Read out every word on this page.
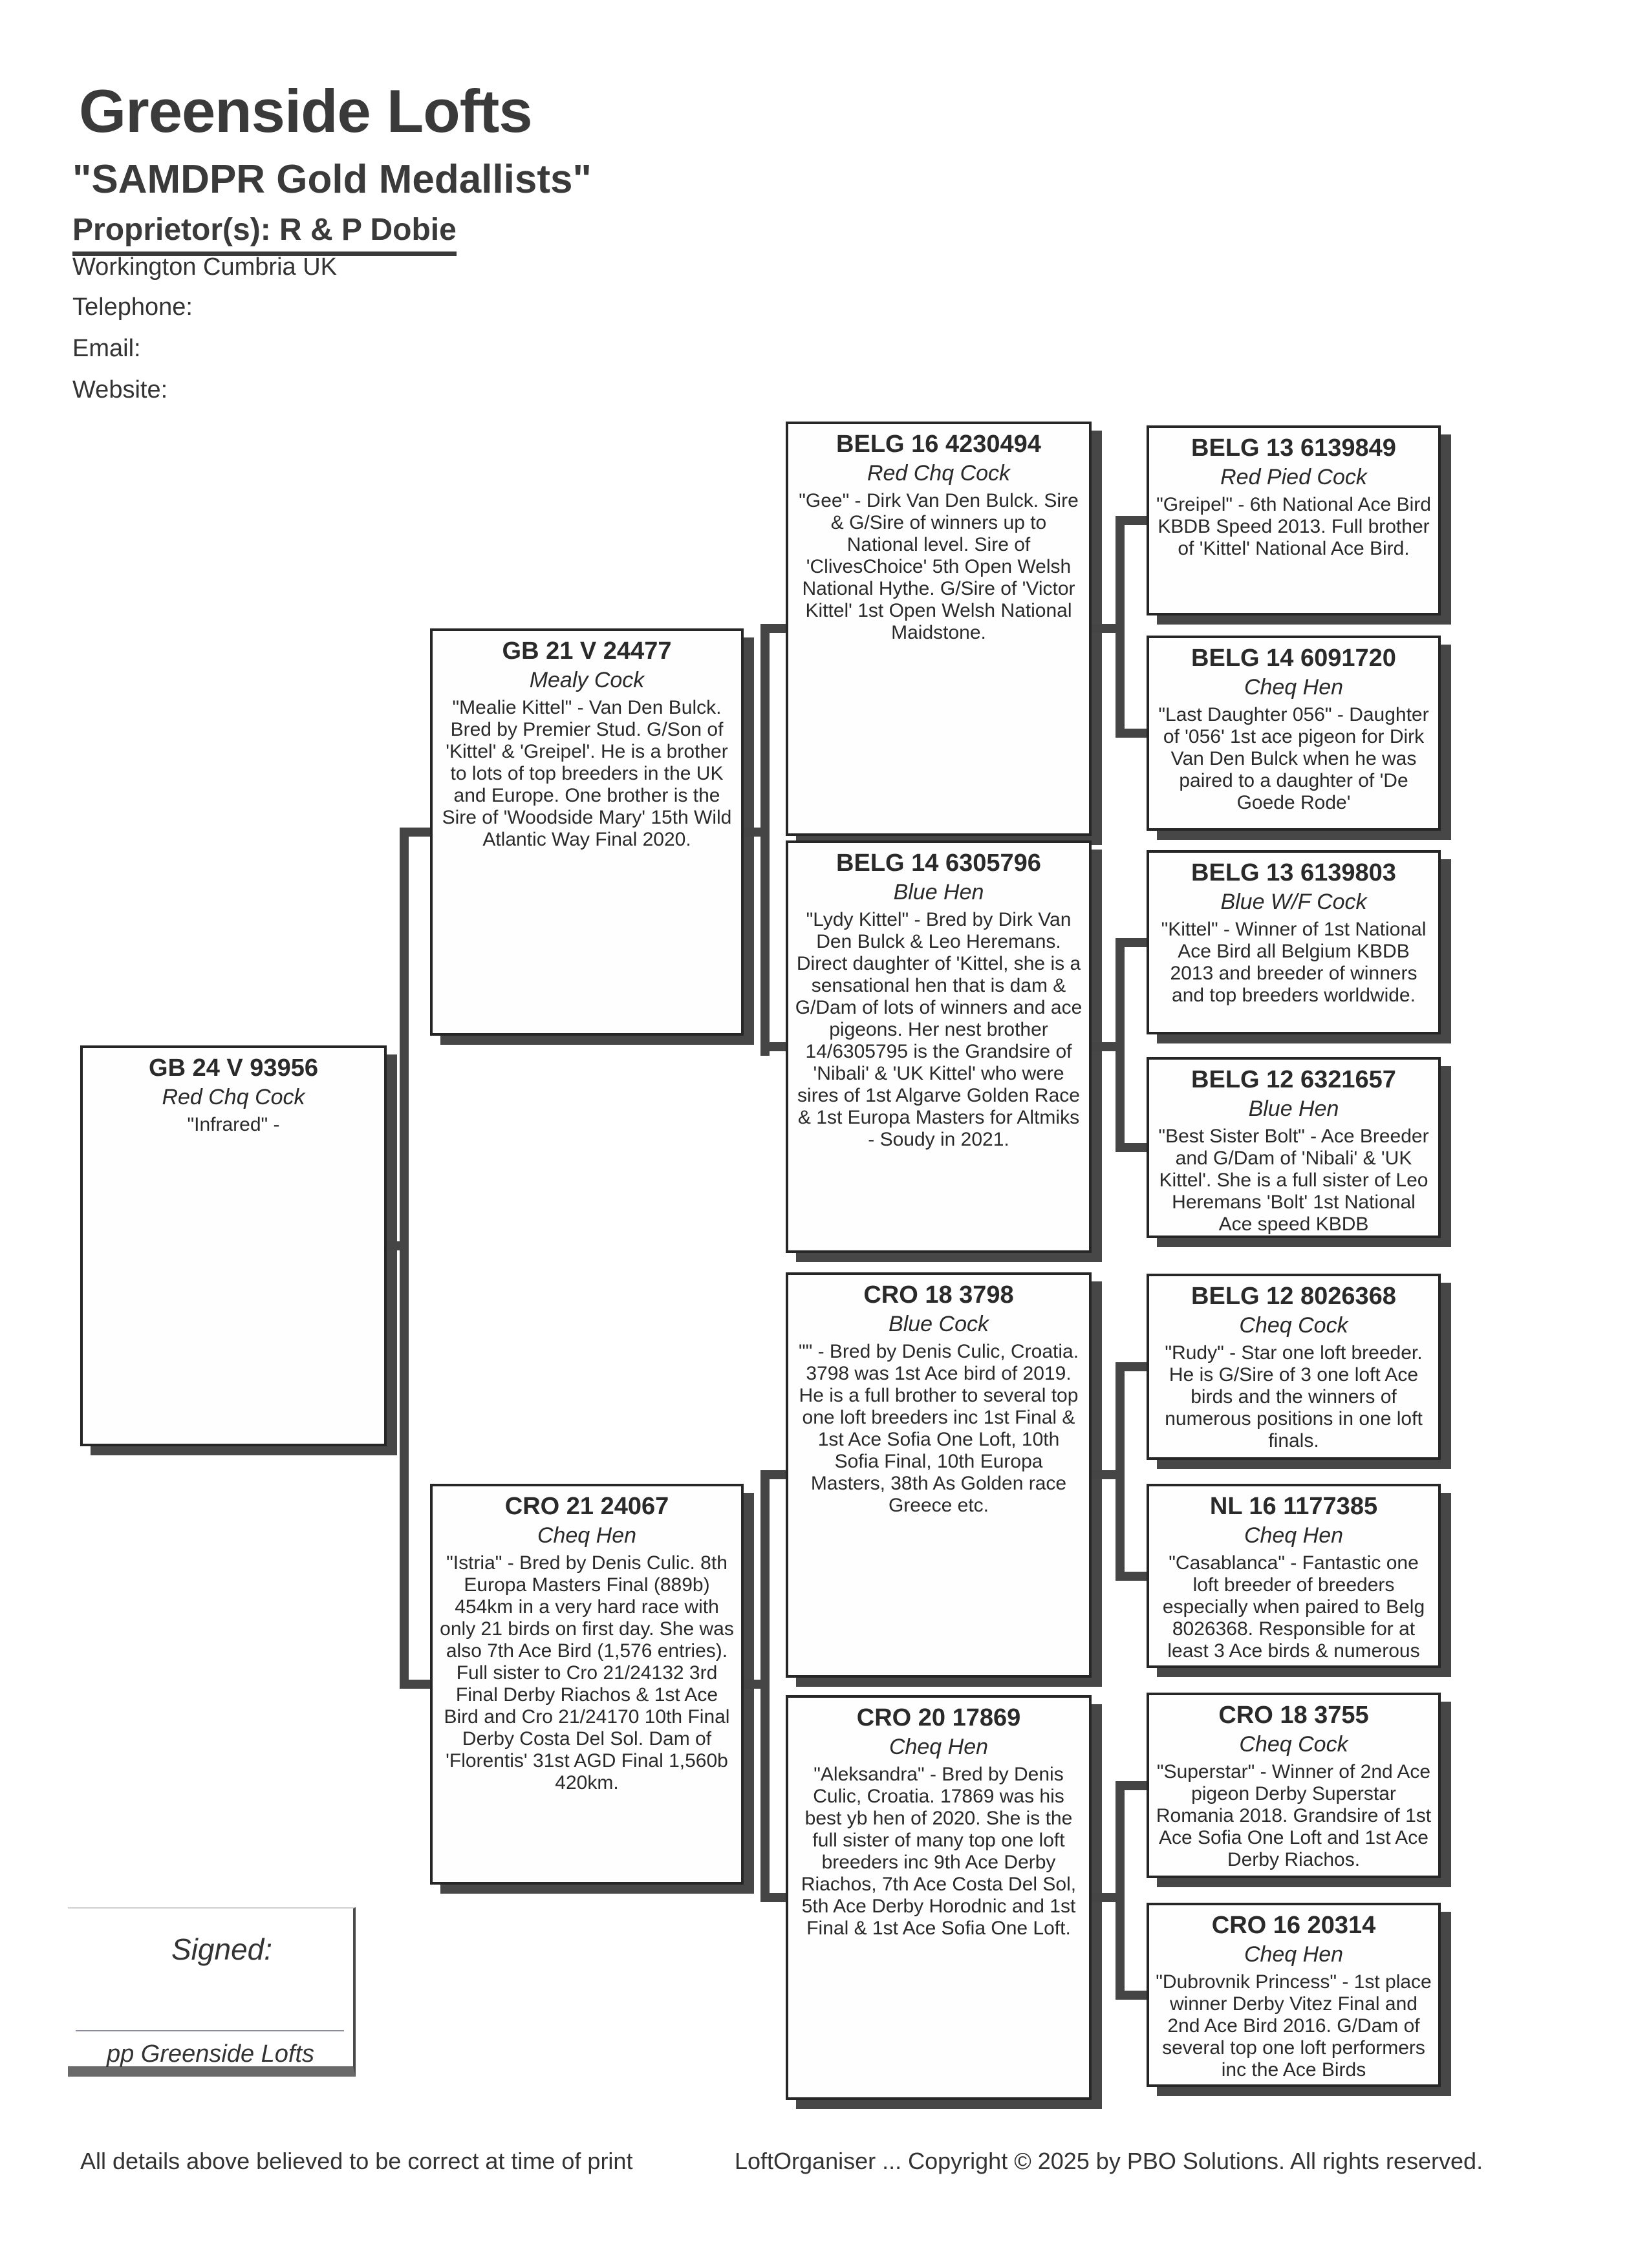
Greenside Lofts
"SAMDPR Gold Medallists"
Proprietor(s): R & P Dobie
Workington Cumbria UK
Telephone:
Email:
Website:
GB 24 V 93956
Red Chq Cock
"Infrared" -
GB 21 V 24477
Mealy Cock
"Mealie Kittel" - Van Den Bulck. Bred by Premier Stud. G/Son of 'Kittel' & 'Greipel'. He is a brother to lots of top breeders in the UK and Europe. One brother is the Sire of 'Woodside Mary' 15th Wild Atlantic Way Final 2020.
CRO 21 24067
Cheq Hen
"Istria" - Bred by Denis Culic. 8th Europa Masters Final (889b) 454km in a very hard race with only 21 birds on first day. She was also 7th Ace Bird (1,576 entries). Full sister to Cro 21/24132 3rd Final Derby Riachos & 1st Ace Bird and Cro 21/24170 10th Final Derby Costa Del Sol. Dam of 'Florentis' 31st AGD Final 1,560b 420km.
BELG 16 4230494
Red Chq Cock
"Gee" - Dirk Van Den Bulck. Sire & G/Sire of winners up to National level. Sire of 'ClivesChoice' 5th Open Welsh National Hythe. G/Sire of 'Victor Kittel' 1st Open Welsh National Maidstone.
BELG 14 6305796
Blue Hen
"Lydy Kittel" - Bred by Dirk Van Den Bulck & Leo Heremans. Direct daughter of 'Kittel, she is a sensational hen that is dam & G/Dam of lots of winners and ace pigeons. Her nest brother 14/6305795 is the Grandsire of 'Nibali' & 'UK Kittel' who were sires of 1st Algarve Golden Race & 1st Europa Masters for Altmiks - Soudy in 2021.
CRO 18 3798
Blue Cock
"" - Bred by Denis Culic, Croatia. 3798 was 1st Ace bird of 2019. He is a full brother to several top one loft breeders inc 1st Final & 1st Ace Sofia One Loft, 10th Sofia Final, 10th Europa Masters, 38th As Golden race Greece etc.
CRO 20 17869
Cheq Hen
"Aleksandra" - Bred by Denis Culic, Croatia. 17869 was his best yb hen of 2020. She is the full sister of many top one loft breeders inc 9th Ace Derby Riachos, 7th Ace Costa Del Sol, 5th Ace Derby Horodnic and 1st Final & 1st Ace Sofia One Loft.
BELG 13 6139849
Red Pied Cock
"Greipel" - 6th National Ace Bird KBDB Speed 2013. Full brother of 'Kittel' National Ace Bird.
BELG 14 6091720
Cheq Hen
"Last Daughter 056" - Daughter of '056' 1st ace pigeon for Dirk Van Den Bulck when he was paired to a daughter of 'De Goede Rode'
BELG 13 6139803
Blue W/F Cock
"Kittel" - Winner of 1st National Ace Bird all Belgium KBDB 2013 and breeder of winners and top breeders worldwide.
BELG 12 6321657
Blue Hen
"Best Sister Bolt" - Ace Breeder and G/Dam of 'Nibali' & 'UK Kittel'. She is a full sister of Leo Heremans 'Bolt' 1st National Ace speed KBDB
BELG 12 8026368
Cheq Cock
"Rudy" - Star one loft breeder. He is G/Sire of 3 one loft Ace birds and the winners of numerous positions in one loft finals.
NL 16 1177385
Cheq Hen
"Casablanca" - Fantastic one loft breeder of breeders especially when paired to Belg 8026368. Responsible for at least 3 Ace birds & numerous
CRO 18 3755
Cheq Cock
"Superstar" - Winner of 2nd Ace pigeon Derby Superstar Romania 2018. Grandsire of 1st Ace Sofia One Loft and 1st Ace Derby Riachos.
CRO 16 20314
Cheq Hen
"Dubrovnik Princess" - 1st place winner Derby Vitez Final and 2nd Ace Bird 2016. G/Dam of several top one loft performers inc the Ace Birds
Signed:
pp Greenside Lofts
All details above believed to be correct at time of print	LoftOrganiser ... Copyright © 2025 by PBO Solutions. All rights reserved.
